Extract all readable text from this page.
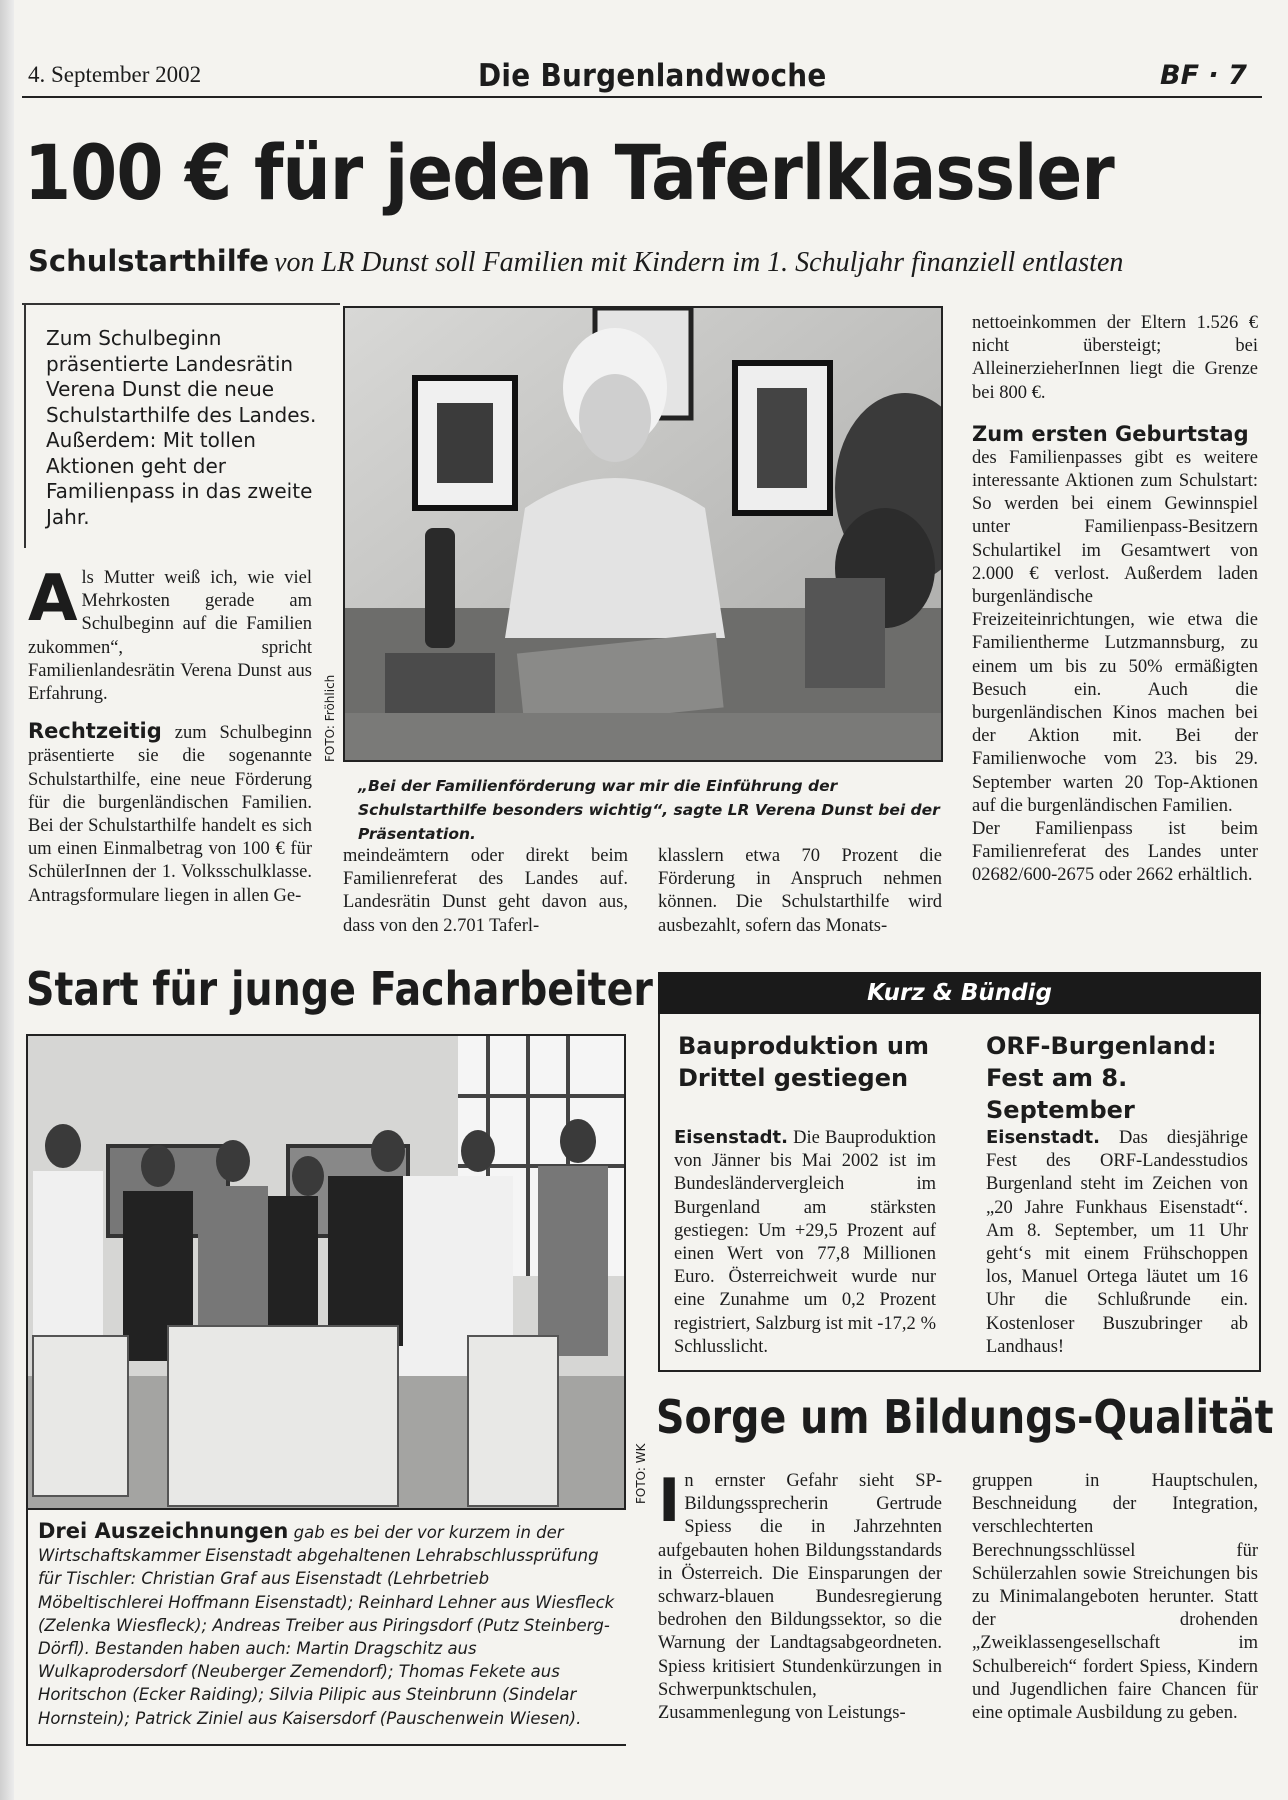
4. September 2002	Die Burgenlandwoche	BF · 7
100 € für jeden Taferlklassler
Schulstarthilfe von LR Dunst soll Familien mit Kindern im 1. Schuljahr finanziell entlasten
Zum Schulbeginn präsentierte Landesrätin Verena Dunst die neue Schulstarthilfe des Landes. Außerdem: Mit tollen Aktionen geht der Familienpass in das zweite Jahr.
Als Mutter weiß ich, wie viel Mehrkosten gerade am Schulbeginn auf die Familien zukommen“, spricht Familienlandesrätin Verena Dunst aus Erfahrung.
Rechtzeitig zum Schulbeginn präsentierte sie die sogenannte Schulstarthilfe, eine neue Förderung für die burgenländischen Familien. Bei der Schulstarthilfe handelt es sich um einen Einmalbetrag von 100 € für SchülerInnen der 1. Volksschulklasse. Antragsformulare liegen in allen Ge-
FOTO: Fröhlich
„Bei der Familienförderung war mir die Einführung der Schulstarthilfe besonders wichtig“, sagte LR Verena Dunst bei der Präsentation.
meindeämtern oder direkt beim Familienreferat des Landes auf. Landesrätin Dunst geht davon aus, dass von den 2.701 Taferl-
klasslern etwa 70 Prozent die Förderung in Anspruch nehmen können. Die Schulstarthilfe wird ausbezahlt, sofern das Monats-
nettoeinkommen der Eltern 1.526 € nicht übersteigt; bei AlleinerzieherInnen liegt die Grenze bei 800 €.
Zum ersten Geburtstag
des Familienpasses gibt es weitere interessante Aktionen zum Schulstart: So werden bei einem Gewinnspiel unter Familienpass-Besitzern Schulartikel im Gesamtwert von 2.000 € verlost. Außerdem laden burgenländische Freizeiteinrichtungen, wie etwa die Familientherme Lutzmannsburg, zu einem um bis zu 50% ermäßigten Besuch ein. Auch die burgenländischen Kinos machen bei der Aktion mit. Bei der Familienwoche vom 23. bis 29. September warten 20 Top-Aktionen auf die burgenländischen Familien.
Der Familienpass ist beim Familienreferat des Landes unter 02682/600-2675 oder 2662 erhältlich.
Start für junge Facharbeiter
FOTO: WK
Drei Auszeichnungen gab es bei der vor kurzem in der Wirtschaftskammer Eisenstadt abgehaltenen Lehrabschlussprüfung für Tischler: Christian Graf aus Eisenstadt (Lehrbetrieb Möbeltischlerei Hoffmann Eisenstadt); Reinhard Lehner aus Wiesfleck (Zelenka Wiesfleck); Andreas Treiber aus Piringsdorf (Putz Steinberg-Dörfl). Bestanden haben auch: Martin Dragschitz aus Wulkaprodersdorf (Neuberger Zemendorf); Thomas Fekete aus Horitschon (Ecker Raiding); Silvia Pilipic aus Steinbrunn (Sindelar Hornstein); Patrick Ziniel aus Kaisersdorf (Pauschenwein Wiesen).
Kurz & Bündig
Bauproduktion um Drittel gestiegen
Eisenstadt. Die Bauproduktion von Jänner bis Mai 2002 ist im Bundesländervergleich im Burgenland am stärksten gestiegen: Um +29,5 Prozent auf einen Wert von 77,8 Millionen Euro. Österreichweit wurde nur eine Zunahme um 0,2 Prozent registriert, Salzburg ist mit -17,2 % Schlusslicht.
ORF-Burgenland: Fest am 8. September
Eisenstadt. Das diesjährige Fest des ORF-Landesstudios Burgenland steht im Zeichen von „20 Jahre Funkhaus Eisenstadt“. Am 8. September, um 11 Uhr geht‘s mit einem Frühschoppen los, Manuel Ortega läutet um 16 Uhr die Schlußrunde ein. Kostenloser Buszubringer ab Landhaus!
Sorge um Bildungs-Qualität
In ernster Gefahr sieht SP-Bildungssprecherin Gertrude Spiess die in Jahrzehnten aufgebauten hohen Bildungsstandards in Österreich. Die Einsparungen der schwarz-blauen Bundesregierung bedrohen den Bildungssektor, so die Warnung der Landtagsabgeordneten. Spiess kritisiert Stundenkürzungen in Schwerpunktschulen, Zusammenlegung von Leistungs-
gruppen in Hauptschulen, Beschneidung der Integration, verschlechterten Berechnungsschlüssel für Schülerzahlen sowie Streichungen bis zu Minimalangeboten herunter. Statt der drohenden „Zweiklassengesellschaft im Schulbereich“ fordert Spiess, Kindern und Jugendlichen faire Chancen für eine optimale Ausbildung zu geben.
